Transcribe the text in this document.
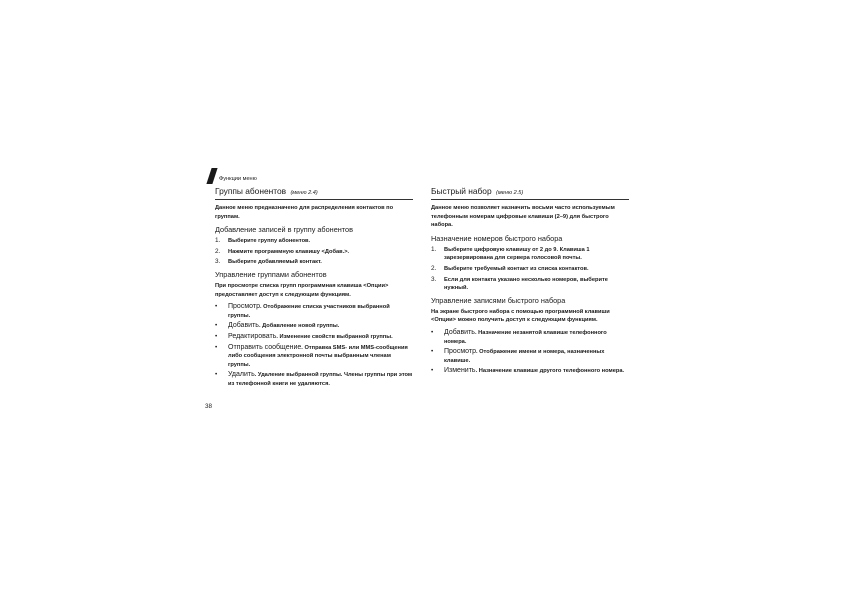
Функции меню
Группы абонентов (меню 2.4)

Данное меню предназначено для распределения контактов по группам.

Добавление записей в группу абонентов
1. Выберите группу абонентов.
2. Нажмите программную клавишу <Добав.>.
3. Выберите добавляемый контакт.
Управление группами абонентов

При просмотре списка групп программная клавиша <Опции> предоставляет доступ к следующим функциям.

• Просмотр. Отображение списка участников выбранной группы.
• Добавить. Добавление новой группы.
• Редактировать. Изменение свойств выбранной группы.
• Отправить сообщение. Отправка SMS- или MMS-сообщения либо сообщения электронной почты выбранным членам группы.
• Удалить. Удаление выбранной группы. Члены группы при этом из телефонной книги не удаляются.
Быстрый набор (меню 2.5)

Данное меню позволяет назначить восьми часто используемым телефонным номерам цифровые клавиши (2–9) для быстрого набора.

Назначение номеров быстрого набора
1. Выберите цифровую клавишу от 2 до 9. Клавиша 1 зарезервирована для сервера голосовой почты.
2. Выберите требуемый контакт из списка контактов.
3. Если для контакта указано несколько номеров, выберите нужный.
Управление записями быстрого набора

На экране быстрого набора с помощью программной клавиши <Опции> можно получить доступ к следующим функциям.

• Добавить. Назначение незанятой клавише телефонного номера.
• Просмотр. Отображение имени и номера, назначенных клавише.
• Изменить. Назначение клавише другого телефонного номера.
38
